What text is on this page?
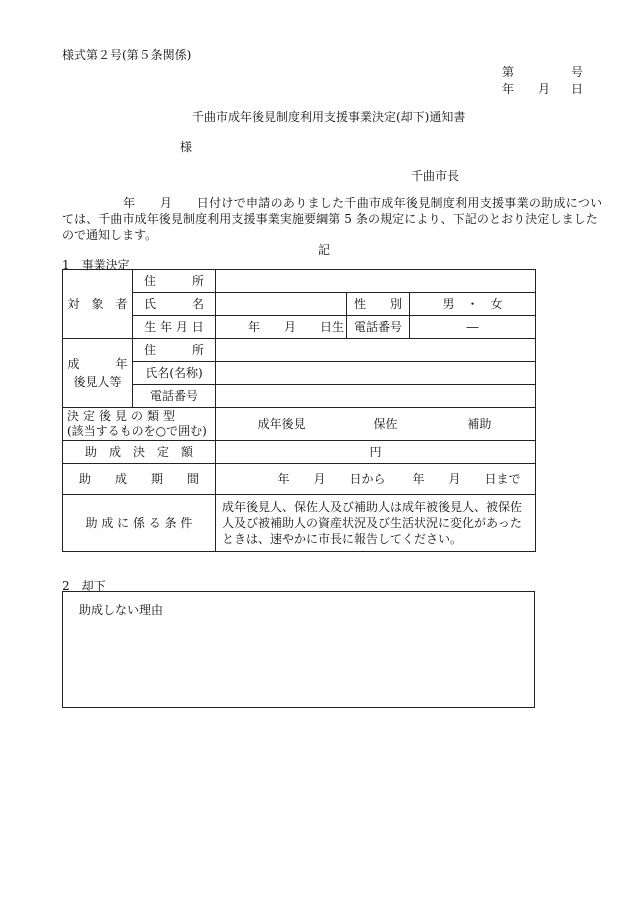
様式第２号(第５条関係)
第	号
年 月 日
千曲市成年後見制度利用支援事業決定(却下)通知書
様
千曲市長
年　　月　　日付けで申請のありました千曲市成年後見制度利用支援事業の助成につい
ては、千曲市成年後見制度利用支援事業実施要綱第 5 条の規定により、下記のとおり決定しました
ので通知します。
記
1　事業決定
対　象　者	住　　　所			
	氏　　　名		性　　別	男　・　女
	生 年 月 日	年　　月　　日生	電話番号	―

成　　　年
後見人等	住　　　所			
	氏名(名称)			
	電話番号			

決定後見の類型
(該当するものを○で囲む)		成年後見 保佐 補助		
助　成　決　定　額		円		
助　　成　　期　　間		年　　月　　日から 年　　月　　日まで		
助 成 に 係 る 条 件		成年後見人、保佐人及び補助人は成年被後見人、被保佐人及び被補助人の資産状況及び生活状況に変化があったときは、速やかに市長に報告してください。		
2　却下
助成しない理由
